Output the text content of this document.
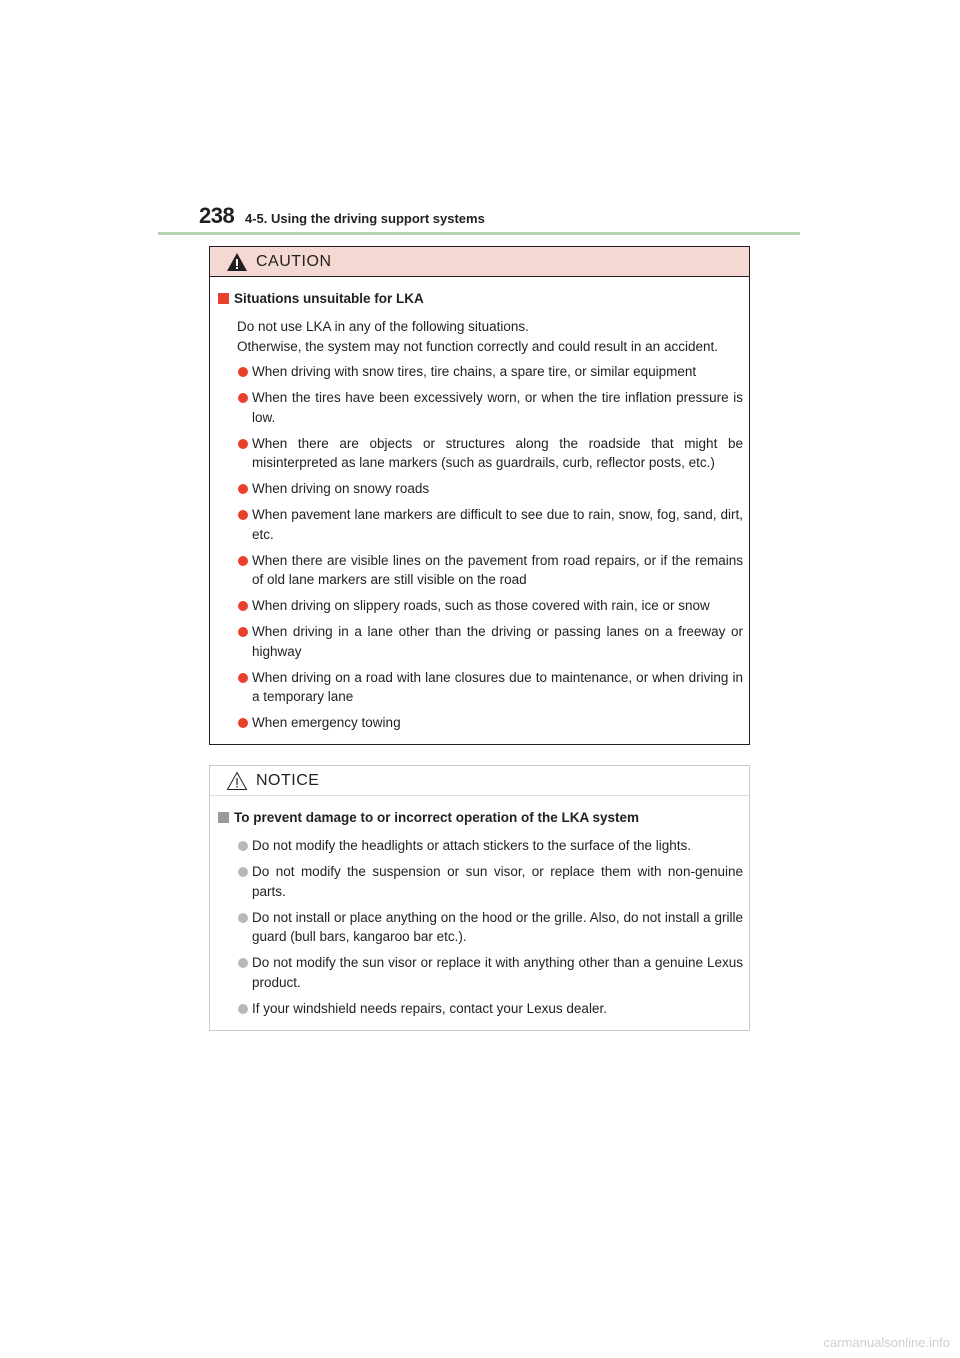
238 4-5. Using the driving support systems
CAUTION
Situations unsuitable for LKA
Do not use LKA in any of the following situations.
Otherwise, the system may not function correctly and could result in an accident.
When driving with snow tires, tire chains, a spare tire, or similar equipment
When the tires have been excessively worn, or when the tire inflation pressure is low.
When there are objects or structures along the roadside that might be misinterpreted as lane markers (such as guardrails, curb, reflector posts, etc.)
When driving on snowy roads
When pavement lane markers are difficult to see due to rain, snow, fog, sand, dirt, etc.
When there are visible lines on the pavement from road repairs, or if the remains of old lane markers are still visible on the road
When driving on slippery roads, such as those covered with rain, ice or snow
When driving in a lane other than the driving or passing lanes on a freeway or highway
When driving on a road with lane closures due to maintenance, or when driving in a temporary lane
When emergency towing
NOTICE
To prevent damage to or incorrect operation of the LKA system
Do not modify the headlights or attach stickers to the surface of the lights.
Do not modify the suspension or sun visor, or replace them with non-genuine parts.
Do not install or place anything on the hood or the grille. Also, do not install a grille guard (bull bars, kangaroo bar etc.).
Do not modify the sun visor or replace it with anything other than a genuine Lexus product.
If your windshield needs repairs, contact your Lexus dealer.
carmanualsonline.info
